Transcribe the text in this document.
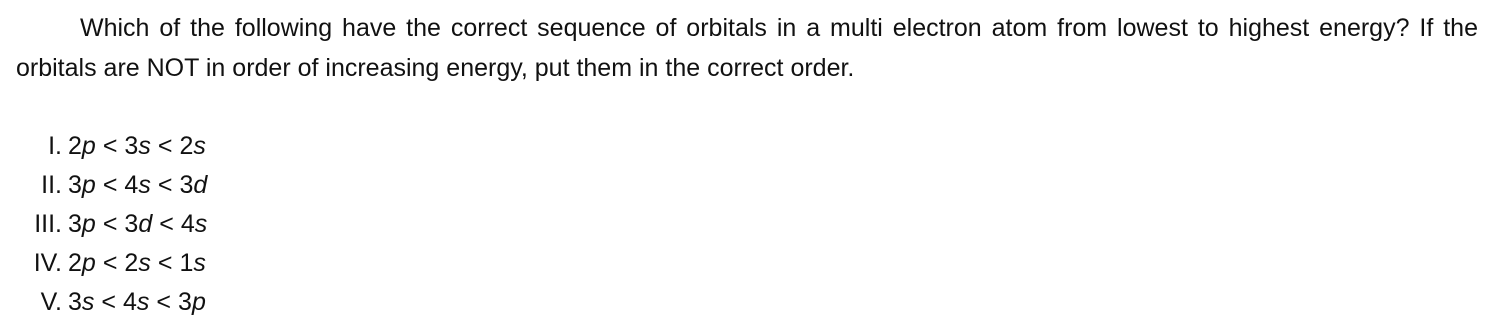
Which of the following have the correct sequence of orbitals in a multi electron atom from lowest to highest energy? If the orbitals are NOT in order of increasing energy, put them in the correct order.

I. 2p < 3s < 2s
II. 3p < 4s < 3d
III. 3p < 3d < 4s
IV. 2p < 2s < 1s
V. 3s < 4s < 3p
